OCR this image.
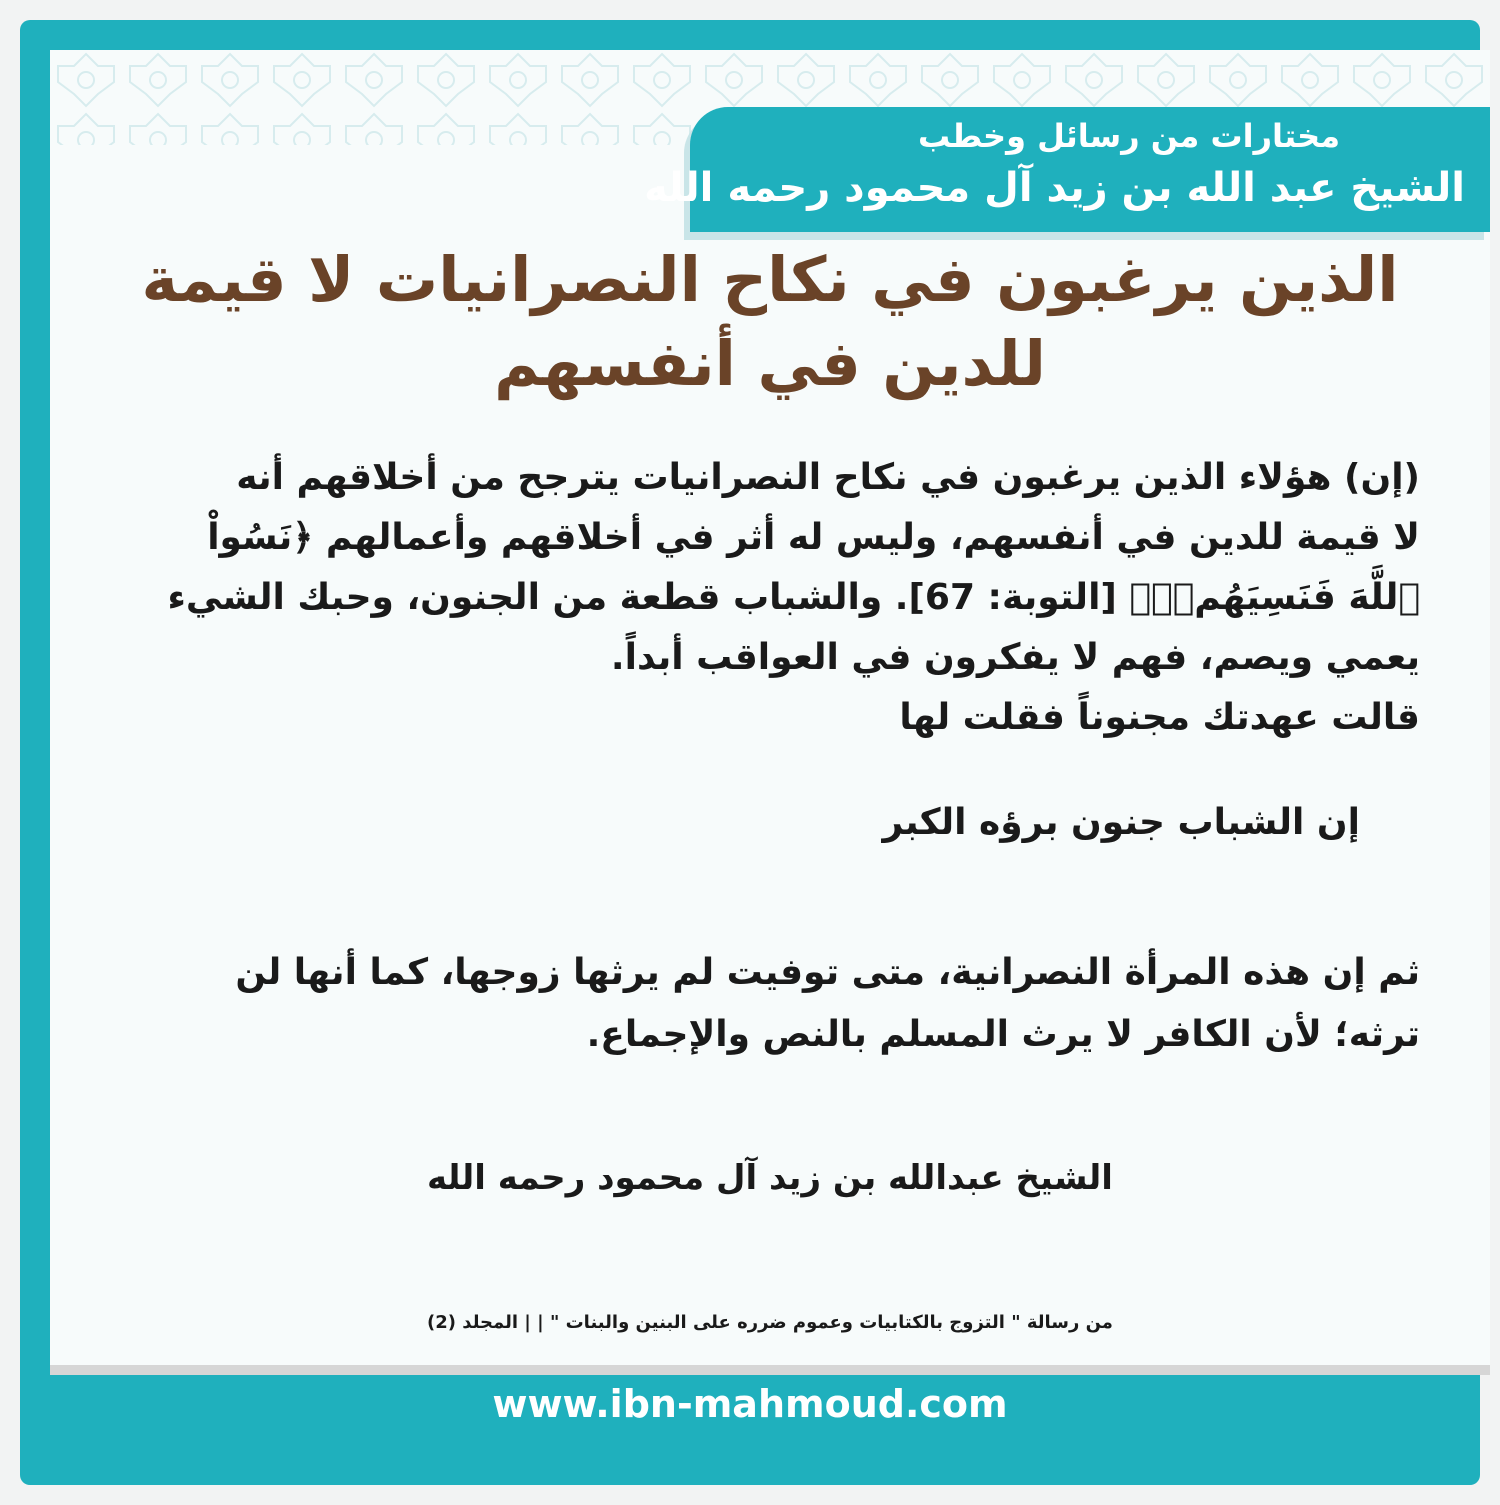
مختارات من رسائل وخطب
الشيخ عبد الله بن زيد آل محمود رحمه الله
الذين يرغبون في نكاح النصرانيات لا قيمة
للدين في أنفسهم
(إن) هؤلاء الذين يرغبون في نكاح النصرانيات يترجح من أخلاقهم أنه
لا قيمة للدين في أنفسهم، وليس له أثر في أخلاقهم وأعمالهم ﴿نَسُواْ
ٱللَّهَ فَنَسِيَهُمۡۚ﴾ [التوبة: 67]. والشباب قطعة من الجنون، وحبك الشيء
يعمي ويصم، فهم لا يفكرون في العواقب أبداً.
قالت عهدتك مجنوناً فقلت لها
إن الشباب جنون برؤه الكبر
ثم إن هذه المرأة النصرانية، متى توفيت لم يرثها زوجها، كما أنها لن
ترثه؛ لأن الكافر لا يرث المسلم بالنص والإجماع.
الشيخ عبدالله بن زيد آل محمود رحمه الله
من رسالة " التزوج بالكتابيات وعموم ضرره على البنين والبنات " | | المجلد (2)
www.ibn-mahmoud.com
